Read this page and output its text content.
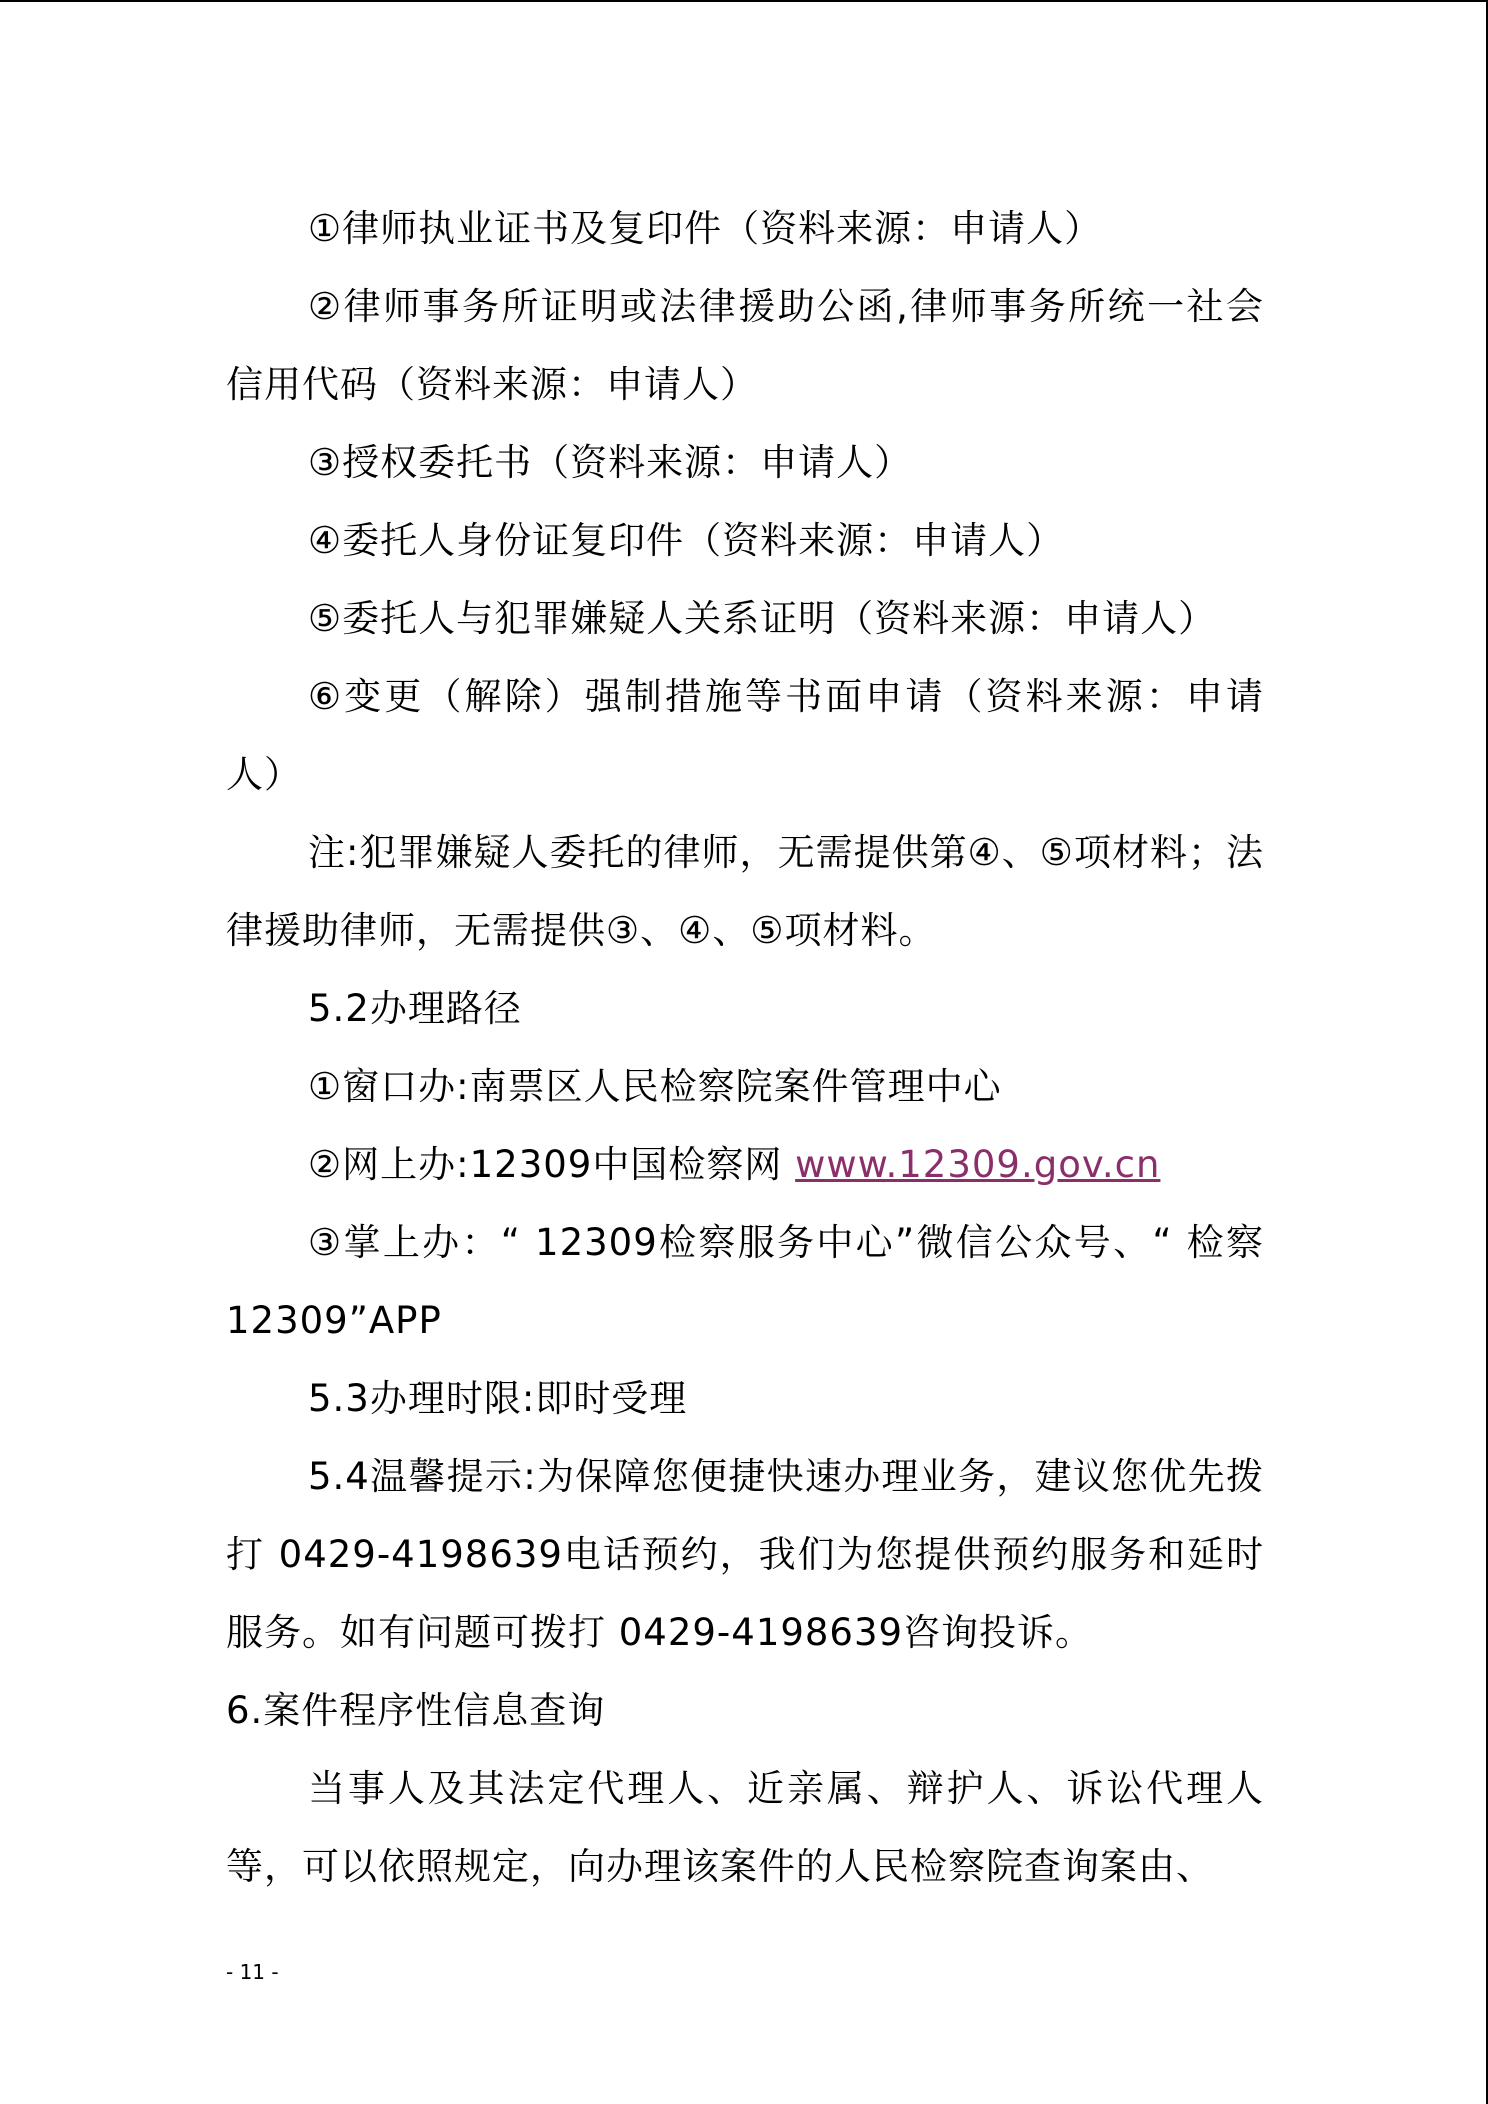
①律师执业证书及复印件（资料来源：申请人）

②律师事务所证明或法律援助公函,律师事务所统一社会信用代码（资料来源：申请人）

③授权委托书（资料来源：申请人）

④委托人身份证复印件（资料来源：申请人）

⑤委托人与犯罪嫌疑人关系证明（资料来源：申请人）

⑥变更（解除）强制措施等书面申请（资料来源：申请人）

注:犯罪嫌疑人委托的律师，无需提供第④、⑤项材料；法律援助律师，无需提供③、④、⑤项材料。

5.2办理路径

①窗口办:南票区人民检察院案件管理中心

②网上办:12309中国检察网 www.12309.gov.cn

③掌上办：“ 12309检察服务中心”微信公众号、“ 检察 12309”APP

5.3办理时限:即时受理

5.4温馨提示:为保障您便捷快速办理业务，建议您优先拨打 0429-4198639电话预约，我们为您提供预约服务和延时服务。如有问题可拨打 0429-4198639咨询投诉。

6.案件程序性信息查询

当事人及其法定代理人、近亲属、辩护人、诉讼代理人等，可以依照规定，向办理该案件的人民检察院查询案由、

- 11 -
